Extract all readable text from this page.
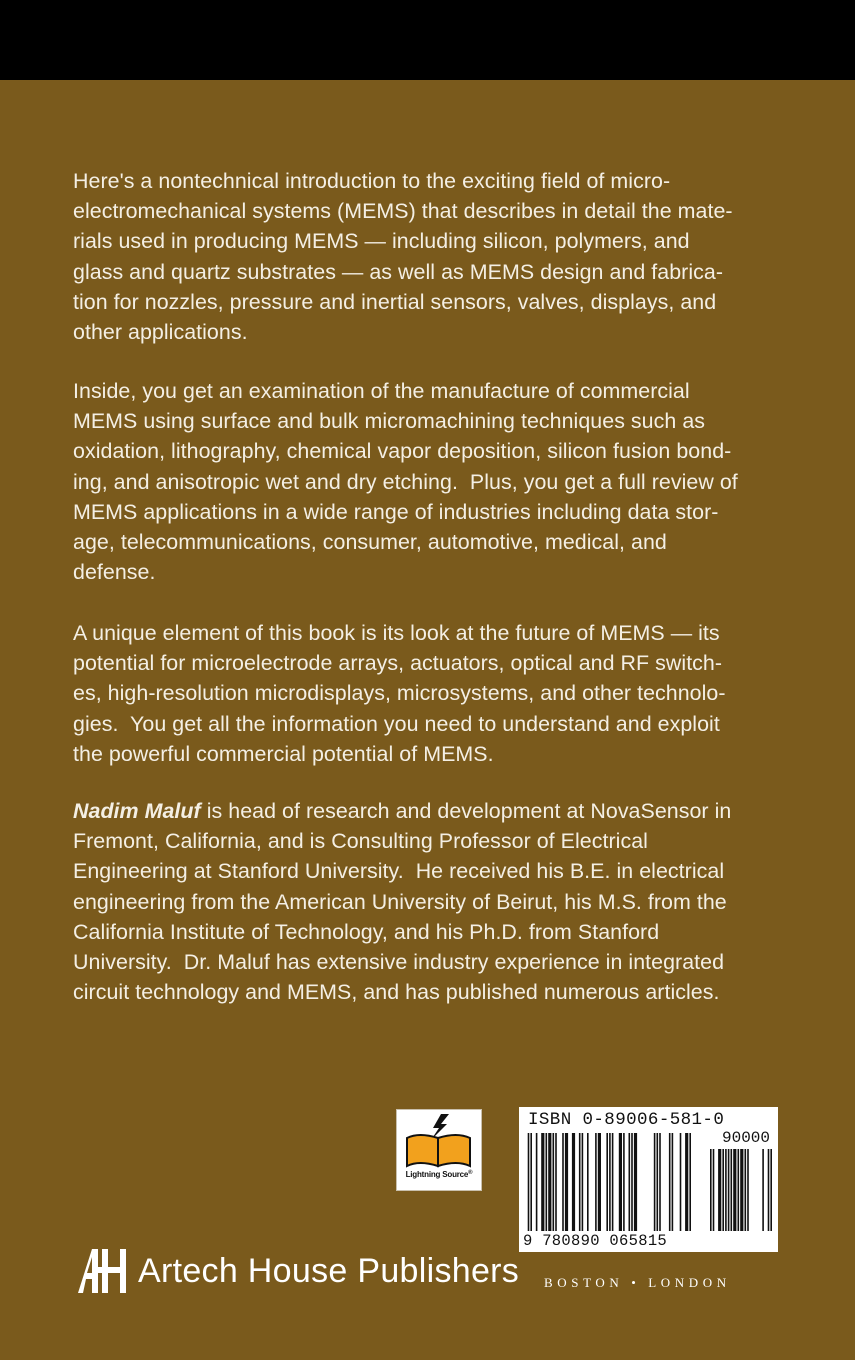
Here's a nontechnical introduction to the exciting field of micro-
electromechanical systems (MEMS) that describes in detail the mate-
rials used in producing MEMS — including silicon, polymers, and
glass and quartz substrates — as well as MEMS design and fabrica-
tion for nozzles, pressure and inertial sensors, valves, displays, and
other applications.

Inside, you get an examination of the manufacture of commercial
MEMS using surface and bulk micromachining techniques such as
oxidation, lithography, chemical vapor deposition, silicon fusion bond-
ing, and anisotropic wet and dry etching.  Plus, you get a full review of
MEMS applications in a wide range of industries including data stor-
age, telecommunications, consumer, automotive, medical, and
defense.

A unique element of this book is its look at the future of MEMS — its
potential for microelectrode arrays, actuators, optical and RF switch-
es, high-resolution microdisplays, microsystems, and other technolo-
gies.  You get all the information you need to understand and exploit
the powerful commercial potential of MEMS.

Nadim Maluf is head of research and development at NovaSensor in
Fremont, California, and is Consulting Professor of Electrical
Engineering at Stanford University.  He received his B.E. in electrical
engineering from the American University of Beirut, his M.S. from the
California Institute of Technology, and his Ph.D. from Stanford
University.  Dr. Maluf has extensive industry experience in integrated
circuit technology and MEMS, and has published numerous articles.

Lightning Source®
ISBN 0-89006-581-0
90000
9 780890 065815
Artech House Publishers BOSTON • LONDON
